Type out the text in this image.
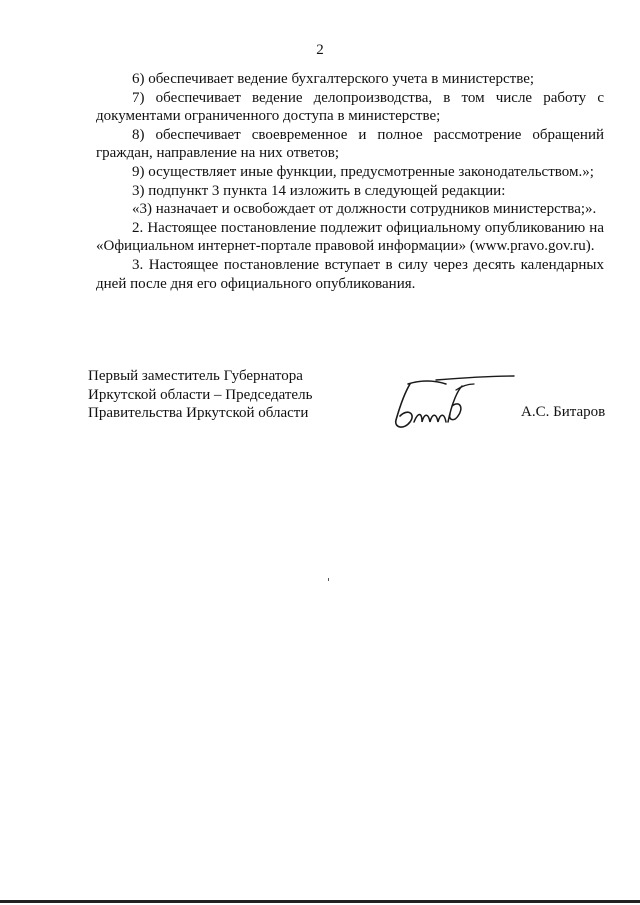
2

6) обеспечивает ведение бухгалтерского учета в министерстве;

7) обеспечивает ведение делопроизводства, в том числе работу с документами ограниченного доступа в министерстве;

8) обеспечивает своевременное и полное рассмотрение обращений граждан, направление на них ответов;

9) осуществляет иные функции, предусмотренные законодательством.»;

3) подпункт 3 пункта 14 изложить в следующей редакции:

«3) назначает и освобождает от должности сотрудников министерства;».

2. Настоящее постановление подлежит официальному опубликованию на «Официальном интернет-портале правовой информации» (www.pravo.gov.ru).

3. Настоящее постановление вступает в силу через десять календарных дней после дня его официального опубликования.

Первый заместитель Губернатора
Иркутской области – Председатель
Правительства Иркутской области	А.С. Битаров
